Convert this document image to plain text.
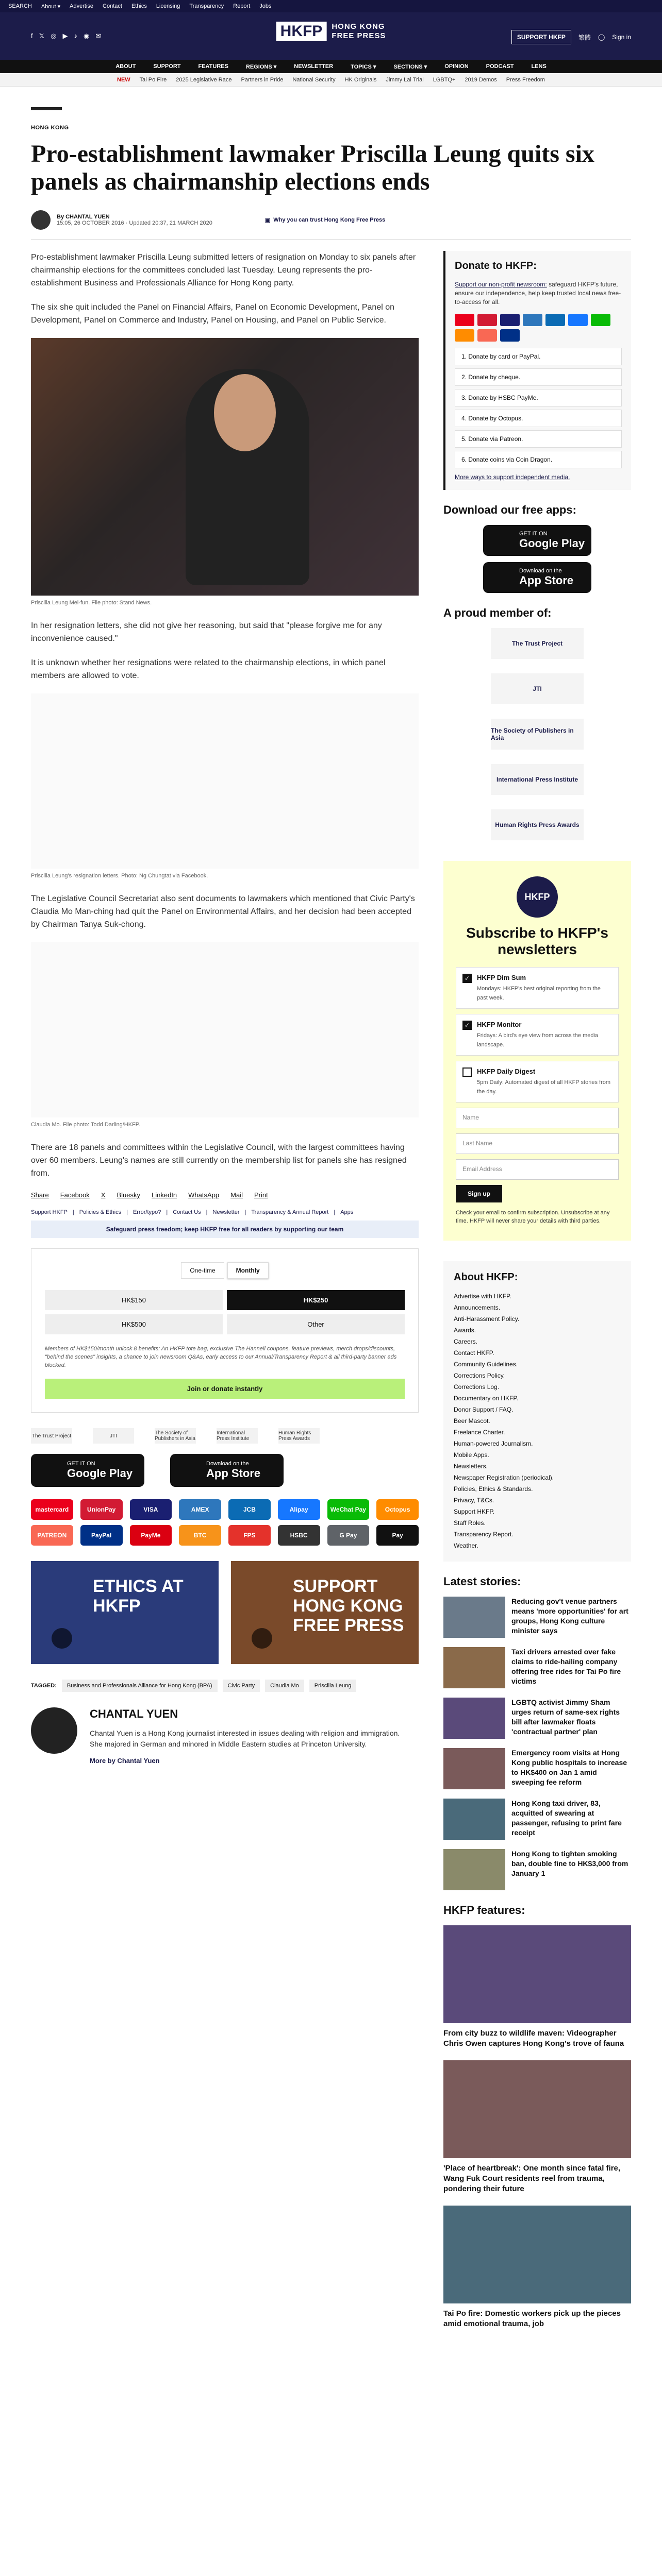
SEARCH About ▾ Advertise Contact Ethics Licensing Transparency Report Jobs
f 𝕏 ◎ ▶ ♪ ◉ ✉	HKFP	HONG KONG
FREE PRESS	SUPPORT HKFP	繁體 ◯ Sign in
ABOUT	SUPPORT	FEATURES	REGIONS ▾	NEWSLETTER	TOPICS ▾	SECTIONS ▾	OPINION	PODCAST	LENS
NEW Tai Po Fire 2025 Legislative Race Partners in Pride National Security HK Originals Jimmy Lai Trial LGBTQ+ 2019 Demos Press Freedom
HONG KONG
Pro-establishment lawmaker Priscilla Leung quits six panels as chairmanship elections ends
By CHANTAL YUEN
15:05, 26 OCTOBER 2016 · Updated 20:37, 21 MARCH 2020	▣ Why you can trust Hong Kong Free Press

Pro-establishment lawmaker Priscilla Leung submitted letters of resignation on Monday to six panels after chairmanship elections for the committees concluded last Tuesday. Leung represents the pro-establishment Business and Professionals Alliance for Hong Kong party.

The six she quit included the Panel on Financial Affairs, Panel on Economic Development, Panel on Development, Panel on Commerce and Industry, Panel on Housing, and Panel on Public Service.

Priscilla Leung Mei-fun. File photo: Stand News.

In her resignation letters, she did not give her reasoning, but said that "please forgive me for any inconvenience caused."

It is unknown whether her resignations were related to the chairmanship elections, in which panel members are allowed to vote.

Priscilla Leung's resignation letters. Photo: Ng Chungtat via Facebook.

The Legislative Council Secretariat also sent documents to lawmakers which mentioned that Civic Party's Claudia Mo Man-ching had quit the Panel on Environmental Affairs, and her decision had been accepted by Chairman Tanya Suk-chong.

Claudia Mo. File photo: Todd Darling/HKFP.

There are 18 panels and committees within the Legislative Council, with the largest committees having over 60 members. Leung's names are still currently on the membership list for panels she has resigned from.

Share Facebook X Bluesky LinkedIn WhatsApp Mail Print
Support HKFP | Policies & Ethics | Error/typo? | Contact Us | Newsletter | Transparency & Annual Report | Apps
Safeguard press freedom; keep HKFP free for all readers by supporting our team
One-time	Monthly
HK$150	HK$250
HK$500	Other
Members of HK$150/month unlock 8 benefits: An HKFP tote bag, exclusive The Hannell coupons, feature previews, merch drops/discounts, "behind the scenes" insights, a chance to join newsroom Q&As, early access to our Annual/Transparency Report & all third-party banner ads blocked.
Join or donate instantly
The Trust Project	JTI	The Society of Publishers in Asia
International Press Institute
Human Rights Press Awards
GET IT ON
Google Play
Download on the
App Store
mastercard	UnionPay	VISA	AMEX	JCB	Alipay	WeChat Pay	Octopus
PATREON	PayPal	PayMe	BTC	FPS	HSBC	G Pay	Pay
ETHICS AT HKFP
SUPPORT HONG KONG FREE PRESS
TAGGED:	Business and Professionals Alliance for Hong Kong (BPA)	Civic Party	Claudia Mo	Priscilla Leung
CHANTAL YUEN

Chantal Yuen is a Hong Kong journalist interested in issues dealing with religion and immigration. She majored in German and minored in Middle Eastern studies at Princeton University.

More by Chantal Yuen
Donate to HKFP:
Support our non-profit newsroom: safeguard HKFP's future, ensure our independence, help keep trusted local news free-to-access for all.
1. Donate by card or PayPal.
2. Donate by cheque.
3. Donate by HSBC PayMe.
4. Donate by Octopus.
5. Donate via Patreon.
6. Donate coins via Coin Dragon.
More ways to support independent media.
Download our free apps:
GET IT ON
Google Play
Download on the
App Store
A proud member of:
The Trust Project
JTI
The Society of Publishers in Asia
International Press Institute
Human Rights Press Awards
HKFP
Subscribe to HKFP's newsletters
✓	HKFP Dim Sum
Mondays: HKFP's best original reporting from the past week.
✓	HKFP Monitor
Fridays: A bird's eye view from across the media landscape.
HKFP Daily Digest
5pm Daily: Automated digest of all HKFP stories from the day.
Name
Last Name
Email Address
Sign up
Check your email to confirm subscription. Unsubscribe at any time. HKFP will never share your details with third parties.
About HKFP:
Advertise with HKFP.
Announcements.
Anti-Harassment Policy.
Awards.
Careers.
Contact HKFP.
Community Guidelines.
Corrections Policy.
Corrections Log.
Documentary on HKFP.
Donor Support / FAQ.
Beer Mascot.
Freelance Charter.
Human-powered Journalism.
Mobile Apps.
Newsletters.
Newspaper Registration (periodical).
Policies, Ethics & Standards.
Privacy, T&Cs.
Support HKFP.
Staff Roles.
Transparency Report.
Weather.
Latest stories:
Reducing gov't venue partners means 'more opportunities' for art groups, Hong Kong culture minister says
Taxi drivers arrested over fake claims to ride-hailing company offering free rides for Tai Po fire victims
LGBTQ activist Jimmy Sham urges return of same-sex rights bill after lawmaker floats 'contractual partner' plan
Emergency room visits at Hong Kong public hospitals to increase to HK$400 on Jan 1 amid sweeping fee reform
Hong Kong taxi driver, 83, acquitted of swearing at passenger, refusing to print fare receipt
Hong Kong to tighten smoking ban, double fine to HK$3,000 from January 1
HKFP features:
From city buzz to wildlife maven: Videographer Chris Owen captures Hong Kong's trove of fauna
'Place of heartbreak': One month since fatal fire, Wang Fuk Court residents reel from trauma, pondering their future
Tai Po fire: Domestic workers pick up the pieces amid emotional trauma, job
